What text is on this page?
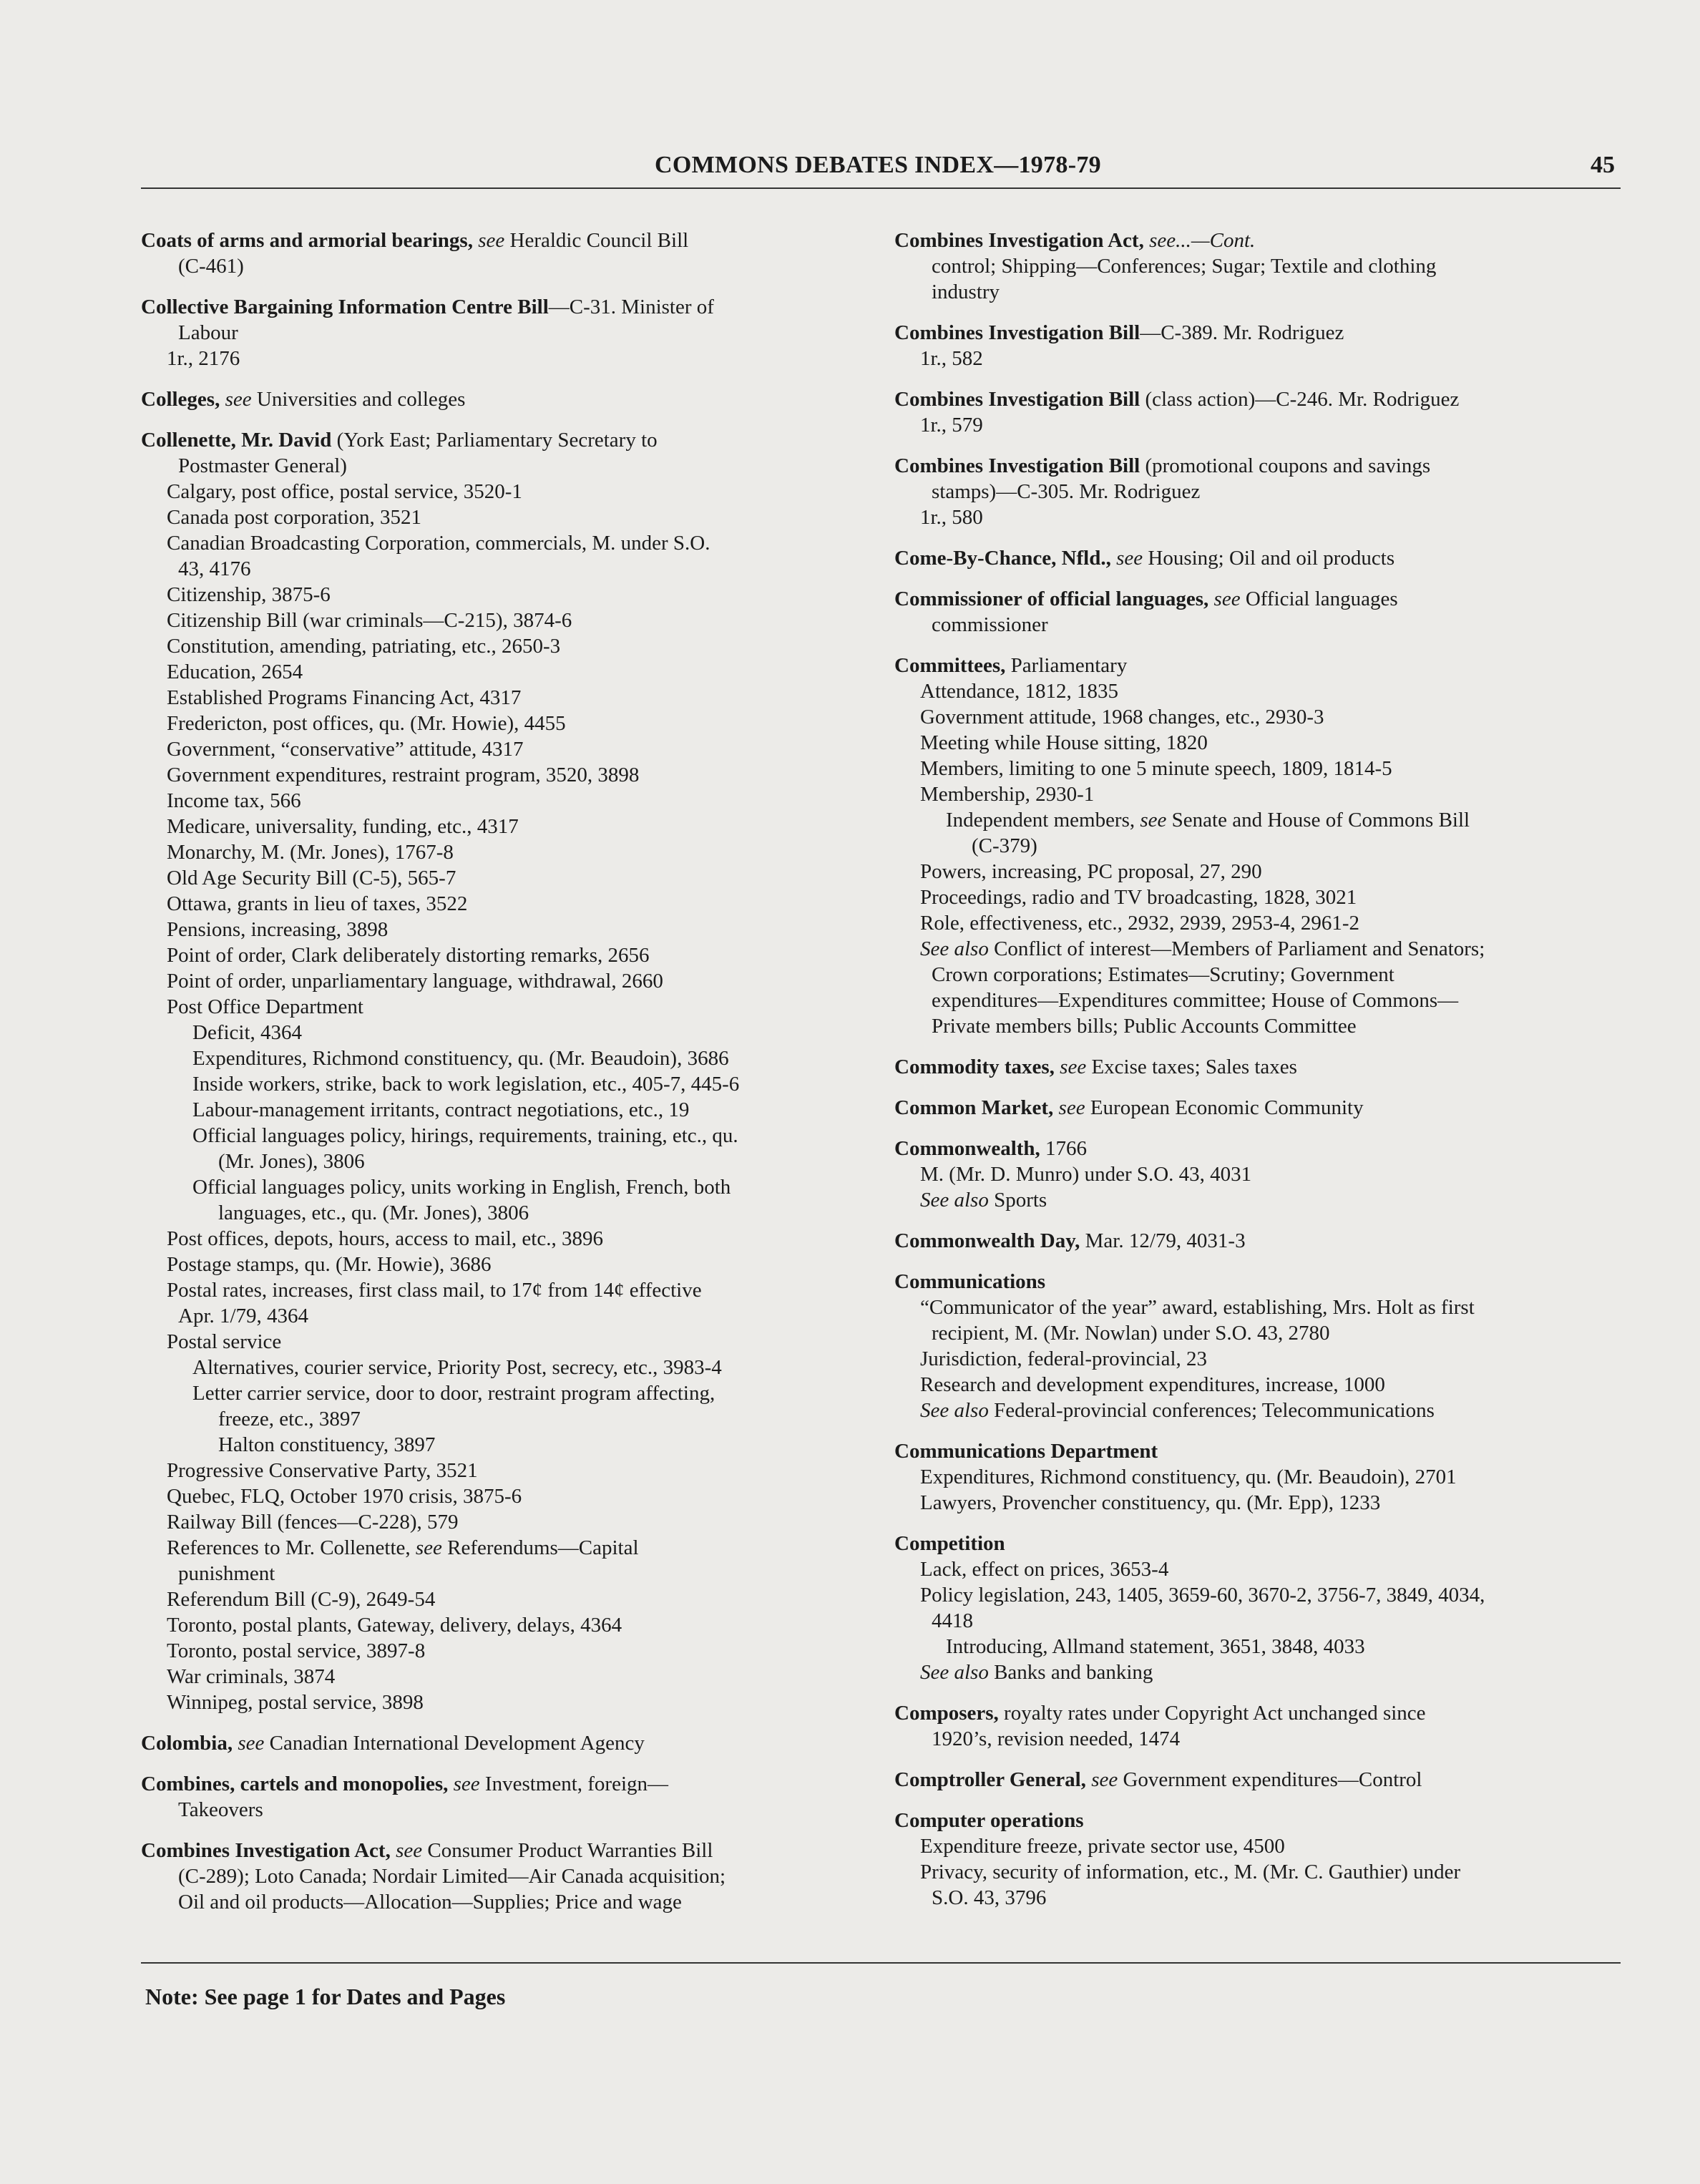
COMMONS DEBATES INDEX—1978-79	45
Coats of arms and armorial bearings, see Heraldic Council Bill
(C-461)
Collective Bargaining Information Centre Bill—C-31. Minister of
Labour
1r., 2176
Colleges, see Universities and colleges
Collenette, Mr. David (York East; Parliamentary Secretary to
Postmaster General)
Calgary, post office, postal service, 3520-1
Canada post corporation, 3521
Canadian Broadcasting Corporation, commercials, M. under S.O.
43, 4176
Citizenship, 3875-6
Citizenship Bill (war criminals—C-215), 3874-6
Constitution, amending, patriating, etc., 2650-3
Education, 2654
Established Programs Financing Act, 4317
Fredericton, post offices, qu. (Mr. Howie), 4455
Government, “conservative” attitude, 4317
Government expenditures, restraint program, 3520, 3898
Income tax, 566
Medicare, universality, funding, etc., 4317
Monarchy, M. (Mr. Jones), 1767-8
Old Age Security Bill (C-5), 565-7
Ottawa, grants in lieu of taxes, 3522
Pensions, increasing, 3898
Point of order, Clark deliberately distorting remarks, 2656
Point of order, unparliamentary language, withdrawal, 2660
Post Office Department
Deficit, 4364
Expenditures, Richmond constituency, qu. (Mr. Beaudoin), 3686
Inside workers, strike, back to work legislation, etc., 405-7, 445-6
Labour-management irritants, contract negotiations, etc., 19
Official languages policy, hirings, requirements, training, etc., qu.
(Mr. Jones), 3806
Official languages policy, units working in English, French, both
languages, etc., qu. (Mr. Jones), 3806
Post offices, depots, hours, access to mail, etc., 3896
Postage stamps, qu. (Mr. Howie), 3686
Postal rates, increases, first class mail, to 17¢ from 14¢ effective
Apr. 1/79, 4364
Postal service
Alternatives, courier service, Priority Post, secrecy, etc., 3983-4
Letter carrier service, door to door, restraint program affecting,
freeze, etc., 3897
Halton constituency, 3897
Progressive Conservative Party, 3521
Quebec, FLQ, October 1970 crisis, 3875-6
Railway Bill (fences—C-228), 579
References to Mr. Collenette, see Referendums—Capital
punishment
Referendum Bill (C-9), 2649-54
Toronto, postal plants, Gateway, delivery, delays, 4364
Toronto, postal service, 3897-8
War criminals, 3874
Winnipeg, postal service, 3898
Colombia, see Canadian International Development Agency
Combines, cartels and monopolies, see Investment, foreign—
Takeovers
Combines Investigation Act, see Consumer Product Warranties Bill
(C-289); Loto Canada; Nordair Limited—Air Canada acquisition;
Oil and oil products—Allocation—Supplies; Price and wage
Combines Investigation Act, see...—Cont.
control; Shipping—Conferences; Sugar; Textile and clothing
industry
Combines Investigation Bill—C-389. Mr. Rodriguez
1r., 582
Combines Investigation Bill (class action)—C-246. Mr. Rodriguez
1r., 579
Combines Investigation Bill (promotional coupons and savings
stamps)—C-305. Mr. Rodriguez
1r., 580
Come-By-Chance, Nfld., see Housing; Oil and oil products
Commissioner of official languages, see Official languages
commissioner
Committees, Parliamentary
Attendance, 1812, 1835
Government attitude, 1968 changes, etc., 2930-3
Meeting while House sitting, 1820
Members, limiting to one 5 minute speech, 1809, 1814-5
Membership, 2930-1
Independent members, see Senate and House of Commons Bill
(C-379)
Powers, increasing, PC proposal, 27, 290
Proceedings, radio and TV broadcasting, 1828, 3021
Role, effectiveness, etc., 2932, 2939, 2953-4, 2961-2
See also Conflict of interest—Members of Parliament and Senators;
Crown corporations; Estimates—Scrutiny; Government
expenditures—Expenditures committee; House of Commons—
Private members bills; Public Accounts Committee
Commodity taxes, see Excise taxes; Sales taxes
Common Market, see European Economic Community
Commonwealth, 1766
M. (Mr. D. Munro) under S.O. 43, 4031
See also Sports
Commonwealth Day, Mar. 12/79, 4031-3
Communications
“Communicator of the year” award, establishing, Mrs. Holt as first
recipient, M. (Mr. Nowlan) under S.O. 43, 2780
Jurisdiction, federal-provincial, 23
Research and development expenditures, increase, 1000
See also Federal-provincial conferences; Telecommunications
Communications Department
Expenditures, Richmond constituency, qu. (Mr. Beaudoin), 2701
Lawyers, Provencher constituency, qu. (Mr. Epp), 1233
Competition
Lack, effect on prices, 3653-4
Policy legislation, 243, 1405, 3659-60, 3670-2, 3756-7, 3849, 4034,
4418
Introducing, Allmand statement, 3651, 3848, 4033
See also Banks and banking
Composers, royalty rates under Copyright Act unchanged since
1920’s, revision needed, 1474
Comptroller General, see Government expenditures—Control
Computer operations
Expenditure freeze, private sector use, 4500
Privacy, security of information, etc., M. (Mr. C. Gauthier) under
S.O. 43, 3796
Note: See page 1 for Dates and Pages
